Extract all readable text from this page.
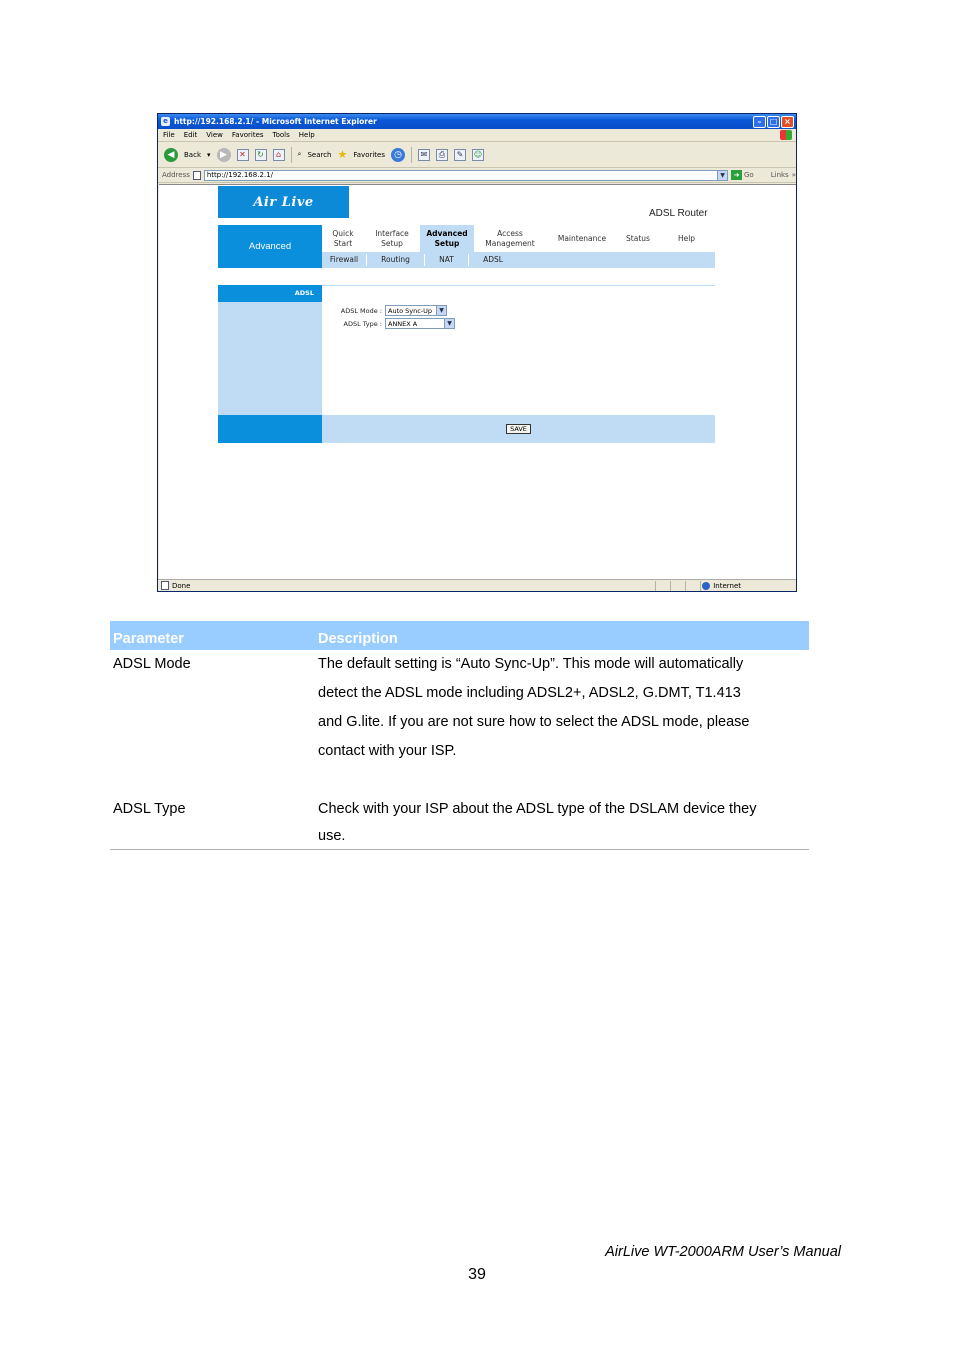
e http://192.168.2.1/ - Microsoft Internet Explorer	–	□ ×
File Edit View Favorites Tools Help
◀	Back ▾	▶	✕	↻	⌂	⌕ Search ★ Favorites	◷	✉	⎙	✎	☺
Address http://192.168.2.1/	▼	➜ Go Links »
Air Live
ADSL Router
Advanced
Quick
Start
Interface
Setup
Advanced
Setup
Access
Management
Maintenance	Status	Help
Firewall	Routing	NAT	ADSL
ADSL
ADSL Mode : Auto Sync-Up	▼
ADSL Type : ANNEX A	▼
SAVE
Done	Internet
Parameter	Description
ADSL Mode	The default setting is “Auto Sync-Up”. This mode will automatically
detect the ADSL mode including ADSL2+, ADSL2, G.DMT, T1.413
and G.lite. If you are not sure how to select the ADSL mode, please
contact with your ISP.
ADSL Type	Check with your ISP about the ADSL type of the DSLAM device they
use.
AirLive WT-2000ARM User’s Manual
39
